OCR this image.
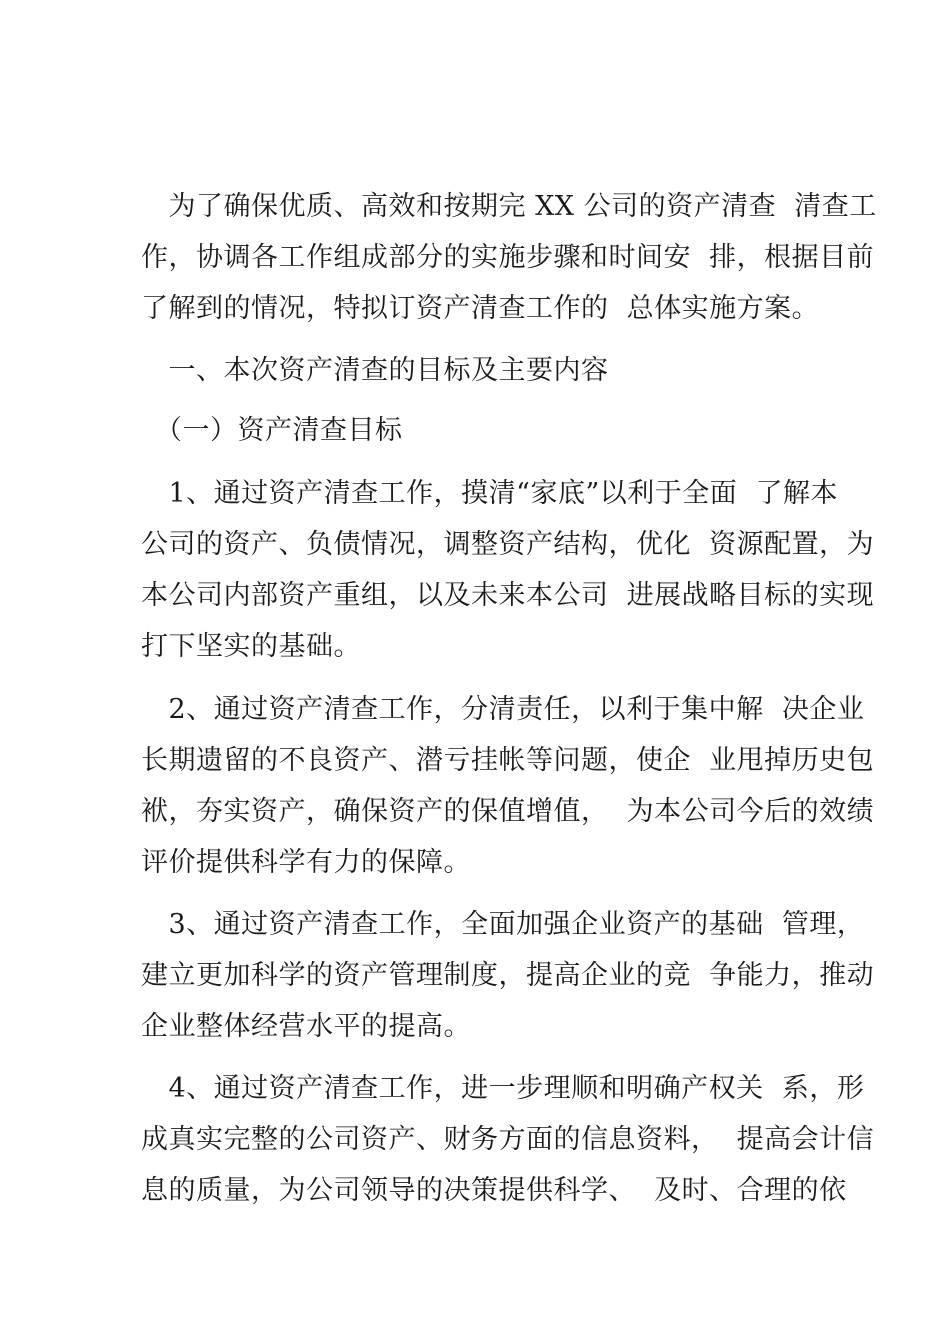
　为了确保优质、高效和按期完 XX 公司的资产清查  清查工
作，协调各工作组成部分的实施步骤和时间安  排，根据目前
了解到的情况，特拟订资产清查工作的  总体实施方案。
　一、本次资产清查的目标及主要内容
　（一）资产清查目标
　1、通过资产清查工作，摸清“家底”以利于全面  了解本
公司的资产、负债情况，调整资产结构，优化  资源配置，为
本公司内部资产重组，以及未来本公司  进展战略目标的实现
打下坚实的基础。
　2、通过资产清查工作，分清责任，以利于集中解  决企业
长期遗留的不良资产、潜亏挂帐等问题，使企  业甩掉历史包
袱，夯实资产，确保资产的保值增值，  为本公司今后的效绩
评价提供科学有力的保障。
　3、通过资产清查工作，全面加强企业资产的基础  管理，
建立更加科学的资产管理制度，提高企业的竞  争能力，推动
企业整体经营水平的提高。
　4、通过资产清查工作，进一步理顺和明确产权关  系，形
成真实完整的公司资产、财务方面的信息资料，  提高会计信
息的质量，为公司领导的决策提供科学、  及时、合理的依
